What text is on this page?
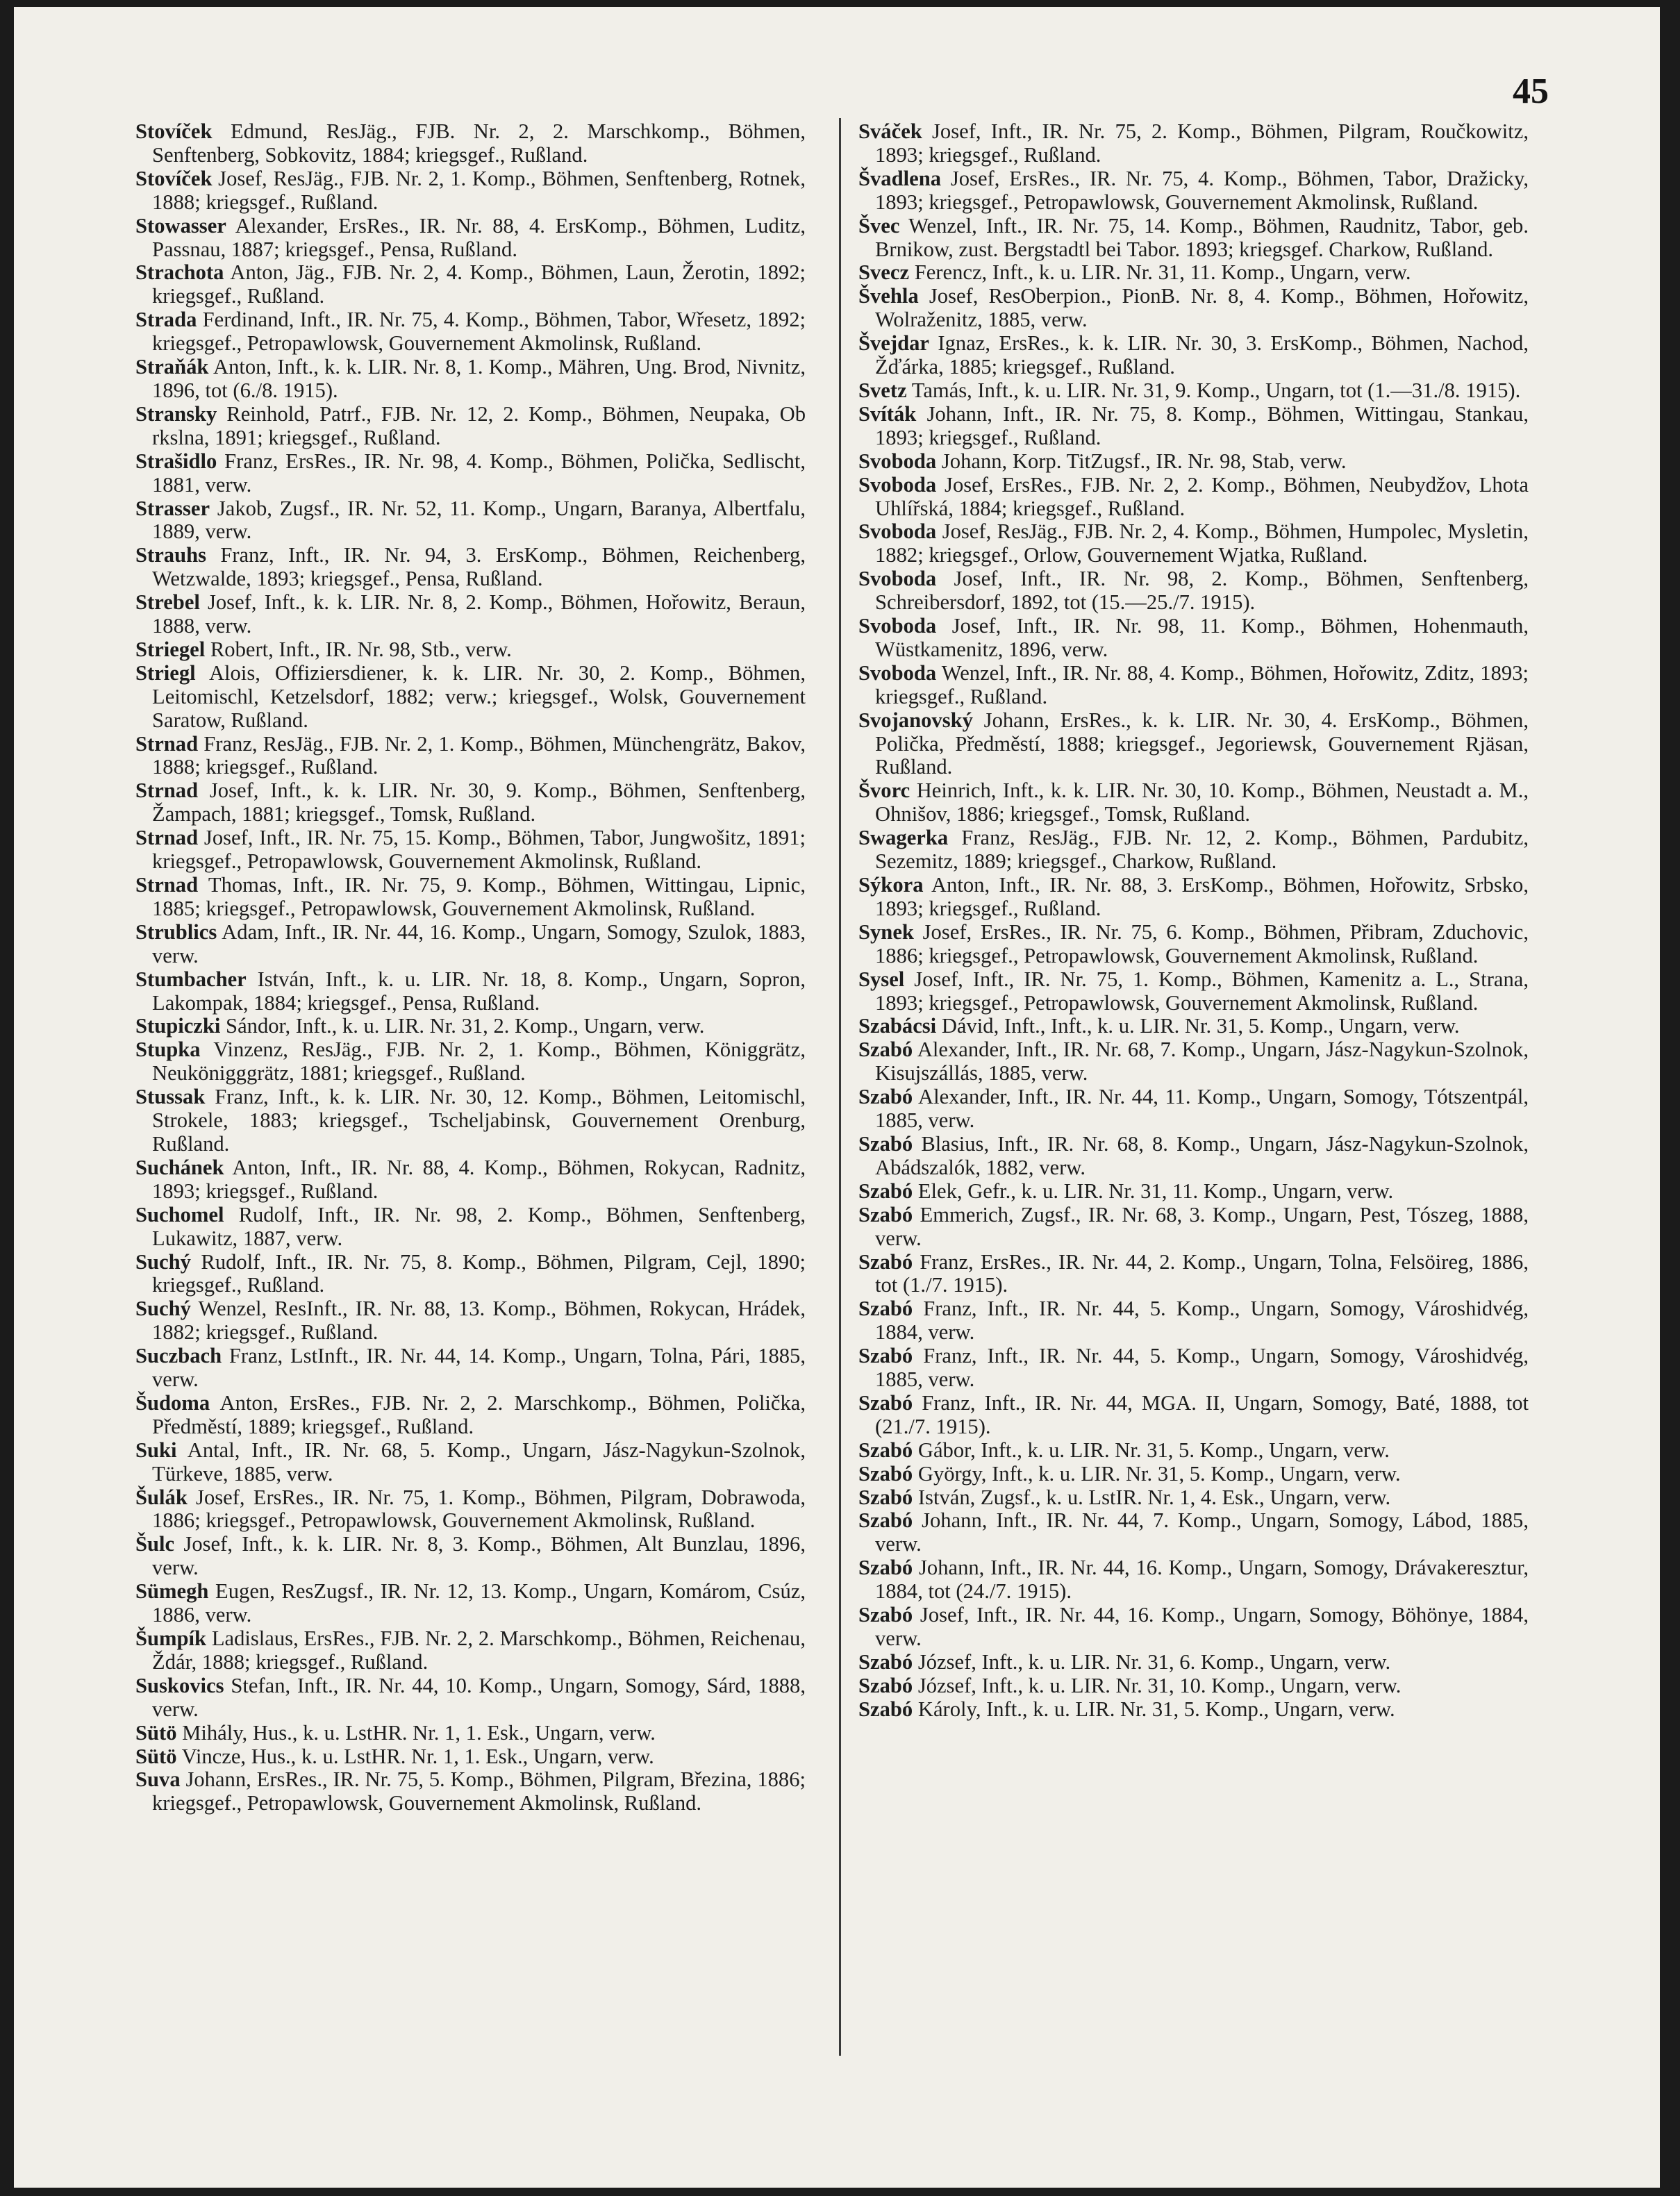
45

Stovíček Edmund, ResJäg., FJB. Nr. 2, 2. Marschkomp., Böhmen, Senftenberg, Sobkovitz, 1884; kriegsgef., Rußland.

Stovíček Josef, ResJäg., FJB. Nr. 2, 1. Komp., Böhmen, Senftenberg, Rotnek, 1888; kriegsgef., Rußland.

Stowasser Alexander, ErsRes., IR. Nr. 88, 4. ErsKomp., Böhmen, Luditz, Passnau, 1887; kriegsgef., Pensa, Rußland.

Strachota Anton, Jäg., FJB. Nr. 2, 4. Komp., Böhmen, Laun, Žerotin, 1892; kriegsgef., Rußland.

Strada Ferdinand, Inft., IR. Nr. 75, 4. Komp., Böhmen, Tabor, Wřesetz, 1892; kriegsgef., Petropawlowsk, Gouvernement Akmolinsk, Rußland.

Straňák Anton, Inft., k. k. LIR. Nr. 8, 1. Komp., Mähren, Ung. Brod, Nivnitz, 1896, tot (6./8. 1915).

Stransky Reinhold, Patrf., FJB. Nr. 12, 2. Komp., Böhmen, Neupaka, Ob rkslna, 1891; kriegsgef., Rußland.

Strašidlo Franz, ErsRes., IR. Nr. 98, 4. Komp., Böhmen, Polička, Sedlischt, 1881, verw.

Strasser Jakob, Zugsf., IR. Nr. 52, 11. Komp., Ungarn, Baranya, Albertfalu, 1889, verw.

Strauhs Franz, Inft., IR. Nr. 94, 3. ErsKomp., Böhmen, Reichenberg, Wetzwalde, 1893; kriegsgef., Pensa, Rußland.

Strebel Josef, Inft., k. k. LIR. Nr. 8, 2. Komp., Böhmen, Hořowitz, Beraun, 1888, verw.

Striegel Robert, Inft., IR. Nr. 98, Stb., verw.

Striegl Alois, Offiziersdiener, k. k. LIR. Nr. 30, 2. Komp., Böhmen, Leitomischl, Ketzelsdorf, 1882; verw.; kriegsgef., Wolsk, Gouvernement Saratow, Rußland.

Strnad Franz, ResJäg., FJB. Nr. 2, 1. Komp., Böhmen, Münchengrätz, Bakov, 1888; kriegsgef., Rußland.

Strnad Josef, Inft., k. k. LIR. Nr. 30, 9. Komp., Böhmen, Senftenberg, Žampach, 1881; kriegsgef., Tomsk, Rußland.

Strnad Josef, Inft., IR. Nr. 75, 15. Komp., Böhmen, Tabor, Jungwošitz, 1891; kriegsgef., Petropawlowsk, Gouvernement Akmolinsk, Rußland.

Strnad Thomas, Inft., IR. Nr. 75, 9. Komp., Böhmen, Wittingau, Lipnic, 1885; kriegsgef., Petropawlowsk, Gouvernement Akmolinsk, Rußland.

Strublics Adam, Inft., IR. Nr. 44, 16. Komp., Ungarn, Somogy, Szulok, 1883, verw.

Stumbacher István, Inft., k. u. LIR. Nr. 18, 8. Komp., Ungarn, Sopron, Lakompak, 1884; kriegsgef., Pensa, Rußland.

Stupiczki Sándor, Inft., k. u. LIR. Nr. 31, 2. Komp., Ungarn, verw.

Stupka Vinzenz, ResJäg., FJB. Nr. 2, 1. Komp., Böhmen, Königgrätz, Neukönigggrätz, 1881; kriegsgef., Rußland.

Stussak Franz, Inft., k. k. LIR. Nr. 30, 12. Komp., Böhmen, Leitomischl, Strokele, 1883; kriegsgef., Tscheljabinsk, Gouvernement Orenburg, Rußland.

Suchánek Anton, Inft., IR. Nr. 88, 4. Komp., Böhmen, Rokycan, Radnitz, 1893; kriegsgef., Rußland.

Suchomel Rudolf, Inft., IR. Nr. 98, 2. Komp., Böhmen, Senftenberg, Lukawitz, 1887, verw.

Suchý Rudolf, Inft., IR. Nr. 75, 8. Komp., Böhmen, Pilgram, Cejl, 1890; kriegsgef., Rußland.

Suchý Wenzel, ResInft., IR. Nr. 88, 13. Komp., Böhmen, Rokycan, Hrádek, 1882; kriegsgef., Rußland.

Suczbach Franz, LstInft., IR. Nr. 44, 14. Komp., Ungarn, Tolna, Pári, 1885, verw.

Šudoma Anton, ErsRes., FJB. Nr. 2, 2. Marschkomp., Böhmen, Polička, Předměstí, 1889; kriegsgef., Rußland.

Suki Antal, Inft., IR. Nr. 68, 5. Komp., Ungarn, Jász-Nagykun-Szolnok, Türkeve, 1885, verw.

Šulák Josef, ErsRes., IR. Nr. 75, 1. Komp., Böhmen, Pilgram, Dobrawoda, 1886; kriegsgef., Petropawlowsk, Gouvernement Akmolinsk, Rußland.

Šulc Josef, Inft., k. k. LIR. Nr. 8, 3. Komp., Böhmen, Alt Bunzlau, 1896, verw.

Sümegh Eugen, ResZugsf., IR. Nr. 12, 13. Komp., Ungarn, Komárom, Csúz, 1886, verw.

Šumpík Ladislaus, ErsRes., FJB. Nr. 2, 2. Marschkomp., Böhmen, Reichenau, Ždár, 1888; kriegsgef., Rußland.

Suskovics Stefan, Inft., IR. Nr. 44, 10. Komp., Ungarn, Somogy, Sárd, 1888, verw.

Sütö Mihály, Hus., k. u. LstHR. Nr. 1, 1. Esk., Ungarn, verw.

Sütö Vincze, Hus., k. u. LstHR. Nr. 1, 1. Esk., Ungarn, verw.

Suva Johann, ErsRes., IR. Nr. 75, 5. Komp., Böhmen, Pilgram, Březina, 1886; kriegsgef., Petropawlowsk, Gouvernement Akmolinsk, Rußland.

Sváček Josef, Inft., IR. Nr. 75, 2. Komp., Böhmen, Pilgram, Roučkowitz, 1893; kriegsgef., Rußland.

Švadlena Josef, ErsRes., IR. Nr. 75, 4. Komp., Böhmen, Tabor, Dražicky, 1893; kriegsgef., Petropawlowsk, Gouvernement Akmolinsk, Rußland.

Švec Wenzel, Inft., IR. Nr. 75, 14. Komp., Böhmen, Raudnitz, Tabor, geb. Brnikow, zust. Bergstadtl bei Tabor. 1893; kriegsgef. Charkow, Rußland.

Svecz Ferencz, Inft., k. u. LIR. Nr. 31, 11. Komp., Ungarn, verw.

Švehla Josef, ResOberpion., PionB. Nr. 8, 4. Komp., Böhmen, Hořowitz, Wolraženitz, 1885, verw.

Švejdar Ignaz, ErsRes., k. k. LIR. Nr. 30, 3. ErsKomp., Böhmen, Nachod, Žďárka, 1885; kriegsgef., Rußland.

Svetz Tamás, Inft., k. u. LIR. Nr. 31, 9. Komp., Ungarn, tot (1.—31./8. 1915).

Svíták Johann, Inft., IR. Nr. 75, 8. Komp., Böhmen, Wittingau, Stankau, 1893; kriegsgef., Rußland.

Svoboda Johann, Korp. TitZugsf., IR. Nr. 98, Stab, verw.

Svoboda Josef, ErsRes., FJB. Nr. 2, 2. Komp., Böhmen, Neubydžov, Lhota Uhlířská, 1884; kriegsgef., Rußland.

Svoboda Josef, ResJäg., FJB. Nr. 2, 4. Komp., Böhmen, Humpolec, Mysletin, 1882; kriegsgef., Orlow, Gouvernement Wjatka, Rußland.

Svoboda Josef, Inft., IR. Nr. 98, 2. Komp., Böhmen, Senftenberg, Schreibersdorf, 1892, tot (15.—25./7. 1915).

Svoboda Josef, Inft., IR. Nr. 98, 11. Komp., Böhmen, Hohenmauth, Wüstkamenitz, 1896, verw.

Svoboda Wenzel, Inft., IR. Nr. 88, 4. Komp., Böhmen, Hořowitz, Zditz, 1893; kriegsgef., Rußland.

Svojanovský Johann, ErsRes., k. k. LIR. Nr. 30, 4. ErsKomp., Böhmen, Polička, Předměstí, 1888; kriegsgef., Jegoriewsk, Gouvernement Rjäsan, Rußland.

Švorc Heinrich, Inft., k. k. LIR. Nr. 30, 10. Komp., Böhmen, Neustadt a. M., Ohnišov, 1886; kriegsgef., Tomsk, Rußland.

Swagerka Franz, ResJäg., FJB. Nr. 12, 2. Komp., Böhmen, Pardubitz, Sezemitz, 1889; kriegsgef., Charkow, Rußland.

Sýkora Anton, Inft., IR. Nr. 88, 3. ErsKomp., Böhmen, Hořowitz, Srbsko, 1893; kriegsgef., Rußland.

Synek Josef, ErsRes., IR. Nr. 75, 6. Komp., Böhmen, Přibram, Zduchovic, 1886; kriegsgef., Petropawlowsk, Gouvernement Akmolinsk, Rußland.

Sysel Josef, Inft., IR. Nr. 75, 1. Komp., Böhmen, Kamenitz a. L., Strana, 1893; kriegsgef., Petropawlowsk, Gouvernement Akmolinsk, Rußland.

Szabácsi Dávid, Inft., Inft., k. u. LIR. Nr. 31, 5. Komp., Ungarn, verw.

Szabó Alexander, Inft., IR. Nr. 68, 7. Komp., Ungarn, Jász-Nagykun-Szolnok, Kisujszállás, 1885, verw.

Szabó Alexander, Inft., IR. Nr. 44, 11. Komp., Ungarn, Somogy, Tótszentpál, 1885, verw.

Szabó Blasius, Inft., IR. Nr. 68, 8. Komp., Ungarn, Jász-Nagykun-Szolnok, Abádszalók, 1882, verw.

Szabó Elek, Gefr., k. u. LIR. Nr. 31, 11. Komp., Ungarn, verw.

Szabó Emmerich, Zugsf., IR. Nr. 68, 3. Komp., Ungarn, Pest, Tószeg, 1888, verw.

Szabó Franz, ErsRes., IR. Nr. 44, 2. Komp., Ungarn, Tolna, Felsöireg, 1886, tot (1./7. 1915).

Szabó Franz, Inft., IR. Nr. 44, 5. Komp., Ungarn, Somogy, Városhidvég, 1884, verw.

Szabó Franz, Inft., IR. Nr. 44, 5. Komp., Ungarn, Somogy, Városhidvég, 1885, verw.

Szabó Franz, Inft., IR. Nr. 44, MGA. II, Ungarn, Somogy, Baté, 1888, tot (21./7. 1915).

Szabó Gábor, Inft., k. u. LIR. Nr. 31, 5. Komp., Ungarn, verw.

Szabó György, Inft., k. u. LIR. Nr. 31, 5. Komp., Ungarn, verw.

Szabó István, Zugsf., k. u. LstIR. Nr. 1, 4. Esk., Ungarn, verw.

Szabó Johann, Inft., IR. Nr. 44, 7. Komp., Ungarn, Somogy, Lábod, 1885, verw.

Szabó Johann, Inft., IR. Nr. 44, 16. Komp., Ungarn, Somogy, Drávakeresztur, 1884, tot (24./7. 1915).

Szabó Josef, Inft., IR. Nr. 44, 16. Komp., Ungarn, Somogy, Böhönye, 1884, verw.

Szabó József, Inft., k. u. LIR. Nr. 31, 6. Komp., Ungarn, verw.

Szabó József, Inft., k. u. LIR. Nr. 31, 10. Komp., Ungarn, verw.

Szabó Károly, Inft., k. u. LIR. Nr. 31, 5. Komp., Ungarn, verw.
